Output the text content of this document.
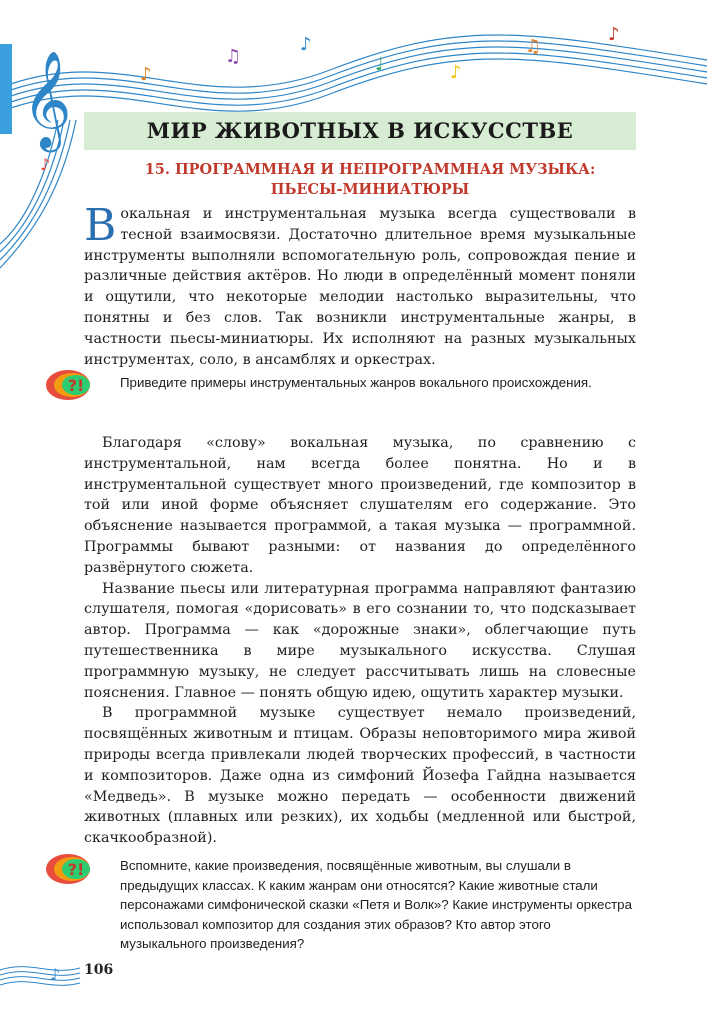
♪
♫
♪
♩	♪
♫
♪
♪
𝄞	МИР ЖИВОТНЫХ В ИСКУССТВЕ
15. ПРОГРАММНАЯ И НЕПРОГРАММНАЯ МУЗЫКА:
ПЬЕСЫ-МИНИАТЮРЫ

Вокальная и инструментальная музыка всегда существовали в тесной взаимосвязи. Достаточно длительное время музыкальные инструменты выполняли вспомогательную роль, сопровождая пение и различные действия актёров. Но люди в определённый момент поняли и ощутили, что некоторые мелодии настолько выразительны, что понятны и без слов. Так возникли инструментальные жанры, в частности пьесы-миниатюры. Их исполняют на разных музыкальных инструментах, соло, в ансамблях и оркестрах.

?!	Приведите примеры инструментальных жанров вокального происхождения.

Благодаря «слову» вокальная музыка, по сравнению с инструментальной, нам всегда более понятна. Но и в инструментальной существует много произведений, где композитор в той или иной форме объясняет слушателям его содержание. Это объяснение называется программой, а такая музыка — программной. Программы бывают разными: от названия до определённого развёрнутого сюжета.

Название пьесы или литературная программа направляют фантазию слушателя, помогая «дорисовать» в его сознании то, что подсказывает автор. Программа — как «дорожные знаки», облегчающие путь путешественника в мире музыкального искусства. Слушая программную музыку, не следует рассчитывать лишь на словесные пояснения. Главное — понять общую идею, ощутить характер музыки.

В программной музыке существует немало произведений, посвящённых животным и птицам. Образы неповторимого мира живой природы всегда привлекали людей творческих профессий, в частности и композиторов. Даже одна из симфоний Йозефа Гайдна называется «Медведь». В музыке можно передать — особенности движений животных (плавных или резких), их ходьбы (медленной или быстрой, скачкообразной).

?!	Вспомните, какие произведения, посвящённые животным, вы слушали в предыдущих классах. К каким жанрам они относятся? Какие животные стали персонажами симфонической сказки «Петя и Волк»? Какие инструменты оркестра использовал композитор для создания этих образов? Кто автор этого музыкального произведения?
♪ 106
